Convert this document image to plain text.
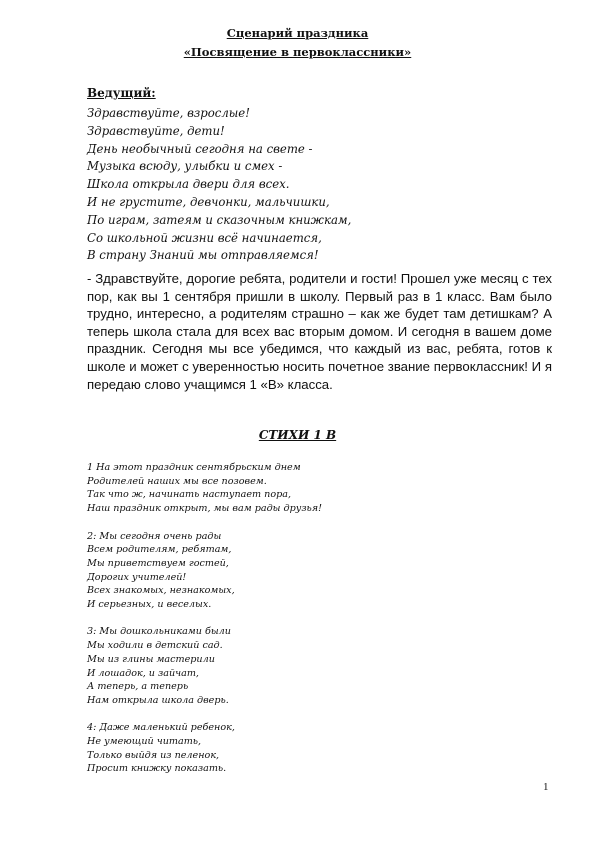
Сценарий праздника
«Посвящение в первоклассники»
Ведущий:
Здравствуйте, взрослые!
Здравствуйте, дети!
День необычный сегодня на свете -
Музыка всюду, улыбки и смех -
Школа открыла двери для всех.
И не грустите, девчонки, мальчишки,
По играм, затеям и сказочным книжкам,
Со школьной жизни всё начинается,
В страну Знаний мы отправляемся!

- Здравствуйте, дорогие ребята, родители и гости! Прошел уже месяц с тех пор, как вы 1 сентября пришли в школу. Первый раз в 1 класс. Вам было трудно, интересно, а родителям страшно – как же будет там детишкам? А теперь школа стала для всех вас вторым домом. И сегодня в вашем доме праздник. Сегодня мы все убедимся, что каждый из вас, ребята, готов к школе и может с уверенностью носить почетное звание первоклассник! И я передаю слово учащимся 1 «В» класса.

СТИХИ 1 В
1 На этот праздник сентябрьским днем
Родителей наших мы все позовем.
Так что ж, начинать наступает пора,
Наш праздник открыт, мы вам рады друзья!
2: Мы сегодня очень рады
Всем родителям, ребятам,
Мы приветствуем гостей,
Дорогих учителей!
Всех знакомых, незнакомых,
И серьезных, и веселых.
3: Мы дошкольниками были
Мы ходили в детский сад.
Мы из глины мастерили
И лошадок, и зайчат,
А теперь, а теперь
Нам открыла школа дверь.
4: Даже маленький ребенок,
Не умеющий читать,
Только выйдя из пеленок,
Просит книжку показать.
1
